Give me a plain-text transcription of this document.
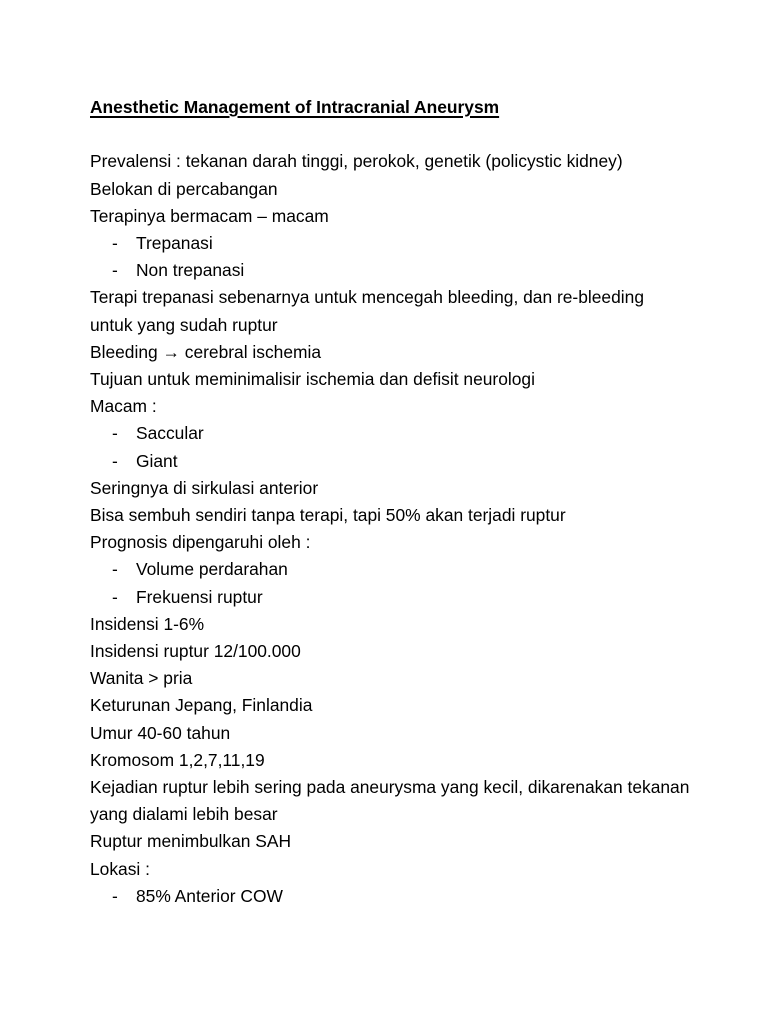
Anesthetic Management of Intracranial Aneurysm
Prevalensi : tekanan darah tinggi, perokok, genetik (policystic kidney)
Belokan di percabangan
Terapinya bermacam – macam
- Trepanasi
- Non trepanasi
Terapi trepanasi sebenarnya untuk mencegah bleeding, dan re-bleeding untuk yang sudah ruptur
Bleeding → cerebral ischemia
Tujuan untuk meminimalisir ischemia dan defisit neurologi
Macam :
- Saccular
- Giant
Seringnya di sirkulasi anterior
Bisa sembuh sendiri tanpa terapi, tapi 50% akan terjadi ruptur
Prognosis dipengaruhi oleh :
- Volume perdarahan
- Frekuensi ruptur
Insidensi 1-6%
Insidensi ruptur 12/100.000
Wanita > pria
Keturunan Jepang, Finlandia
Umur 40-60 tahun
Kromosom 1,2,7,11,19
Kejadian ruptur lebih sering pada aneurysma yang kecil, dikarenakan tekanan yang dialami lebih besar
Ruptur menimbulkan SAH
Lokasi :
- 85% Anterior COW
